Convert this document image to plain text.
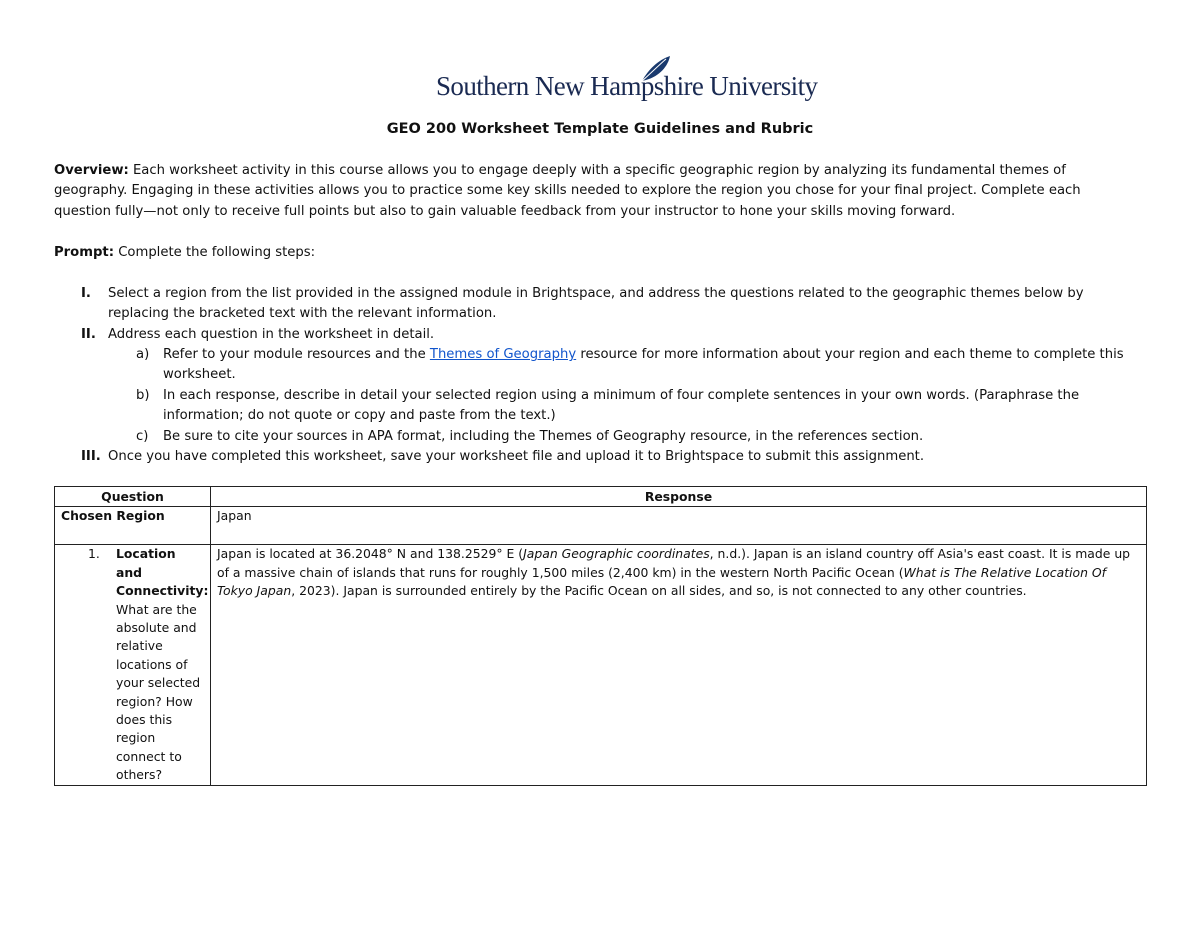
Southern New Hampshire University
GEO 200 Worksheet Template Guidelines and Rubric
Overview: Each worksheet activity in this course allows you to engage deeply with a specific geographic region by analyzing its fundamental themes of
geography. Engaging in these activities allows you to practice some key skills needed to explore the region you chose for your final project. Complete each
question fully—not only to receive full points but also to gain valuable feedback from your instructor to hone your skills moving forward.
Prompt: Complete the following steps:
I. Select a region from the list provided in the assigned module in Brightspace, and address the questions related to the geographic themes below by
replacing the bracketed text with the relevant information.
II. Address each question in the worksheet in detail.
a) Refer to your module resources and the Themes of Geography resource for more information about your region and each theme to complete this
worksheet.
b) In each response, describe in detail your selected region using a minimum of four complete sentences in your own words. (Paraphrase the
information; do not quote or copy and paste from the text.)
c) Be sure to cite your sources in APA format, including the Themes of Geography resource, in the references section.
III. Once you have completed this worksheet, save your worksheet file and upload it to Brightspace to submit this assignment.
Question	Response
Chosen Region	Japan

1. Location and Connectivity: What are the absolute and relative locations of your selected region? How does this region connect to others?	Japan is located at 36.2048° N and 138.2529° E (Japan Geographic coordinates, n.d.). Japan is an island country off Asia's east coast. It is made up of a massive chain of islands that runs for roughly 1,500 miles (2,400 km) in the western North Pacific Ocean (What is The Relative Location Of Tokyo Japan, 2023). Japan is surrounded entirely by the Pacific Ocean on all sides, and so, is not connected to any other countries.
